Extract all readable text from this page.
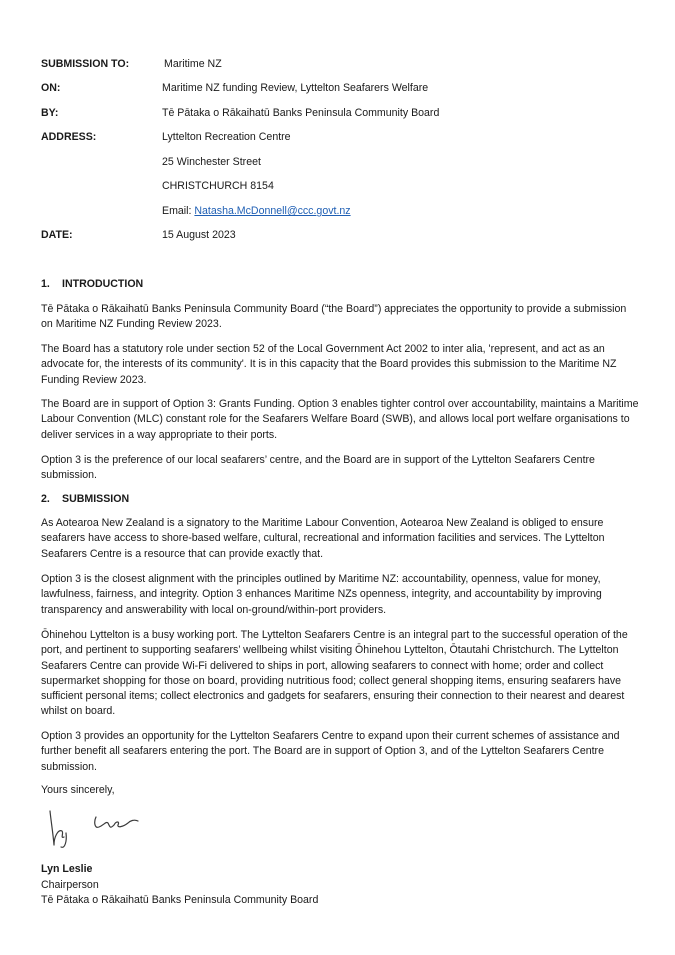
SUBMISSION TO:	Maritime NZ
ON:	Maritime NZ funding Review, Lyttelton Seafarers Welfare
BY:	Tē Pātaka o Rākaihatū Banks Peninsula Community Board
ADDRESS:	Lyttelton Recreation Centre
25 Winchester Street
CHRISTCHURCH 8154
Email: Natasha.McDonnell@ccc.govt.nz
DATE:	15 August 2023
1. INTRODUCTION

Tē Pātaka o Rākaihatū Banks Peninsula Community Board (“the Board”) appreciates the opportunity to provide a submission on Maritime NZ Funding Review 2023.

The Board has a statutory role under section 52 of the Local Government Act 2002 to inter alia, 'represent, and act as an advocate for, the interests of its community'. It is in this capacity that the Board provides this submission to the Maritime NZ Funding Review 2023.

The Board are in support of Option 3: Grants Funding. Option 3 enables tighter control over accountability, maintains a Maritime Labour Convention (MLC) constant role for the Seafarers Welfare Board (SWB), and allows local port welfare organisations to deliver services in a way appropriate to their ports.

Option 3 is the preference of our local seafarers’ centre, and the Board are in support of the Lyttelton Seafarers Centre submission.

2. SUBMISSION

As Aotearoa New Zealand is a signatory to the Maritime Labour Convention, Aotearoa New Zealand is obliged to ensure seafarers have access to shore-based welfare, cultural, recreational and information facilities and services. The Lyttelton Seafarers Centre is a resource that can provide exactly that.

Option 3 is the closest alignment with the principles outlined by Maritime NZ: accountability, openness, value for money, lawfulness, fairness, and integrity. Option 3 enhances Maritime NZs openness, integrity, and accountability by improving transparency and answerability with local on-ground/within-port providers.

Ōhinehou Lyttelton is a busy working port. The Lyttelton Seafarers Centre is an integral part to the successful operation of the port, and pertinent to supporting seafarers’ wellbeing whilst visiting Ōhinehou Lyttelton, Ōtautahi Christchurch. The Lyttelton Seafarers Centre can provide Wi-Fi delivered to ships in port, allowing seafarers to connect with home; order and collect supermarket shopping for those on board, providing nutritious food; collect general shopping items, ensuring seafarers have sufficient personal items; collect electronics and gadgets for seafarers, ensuring their connection to their nearest and dearest whilst on board.

Option 3 provides an opportunity for the Lyttelton Seafarers Centre to expand upon their current schemes of assistance and further benefit all seafarers entering the port. The Board are in support of Option 3, and of the Lyttelton Seafarers Centre submission.

Yours sincerely,
Lyn Leslie
Chairperson
Tē Pātaka o Rākaihatū Banks Peninsula Community Board
